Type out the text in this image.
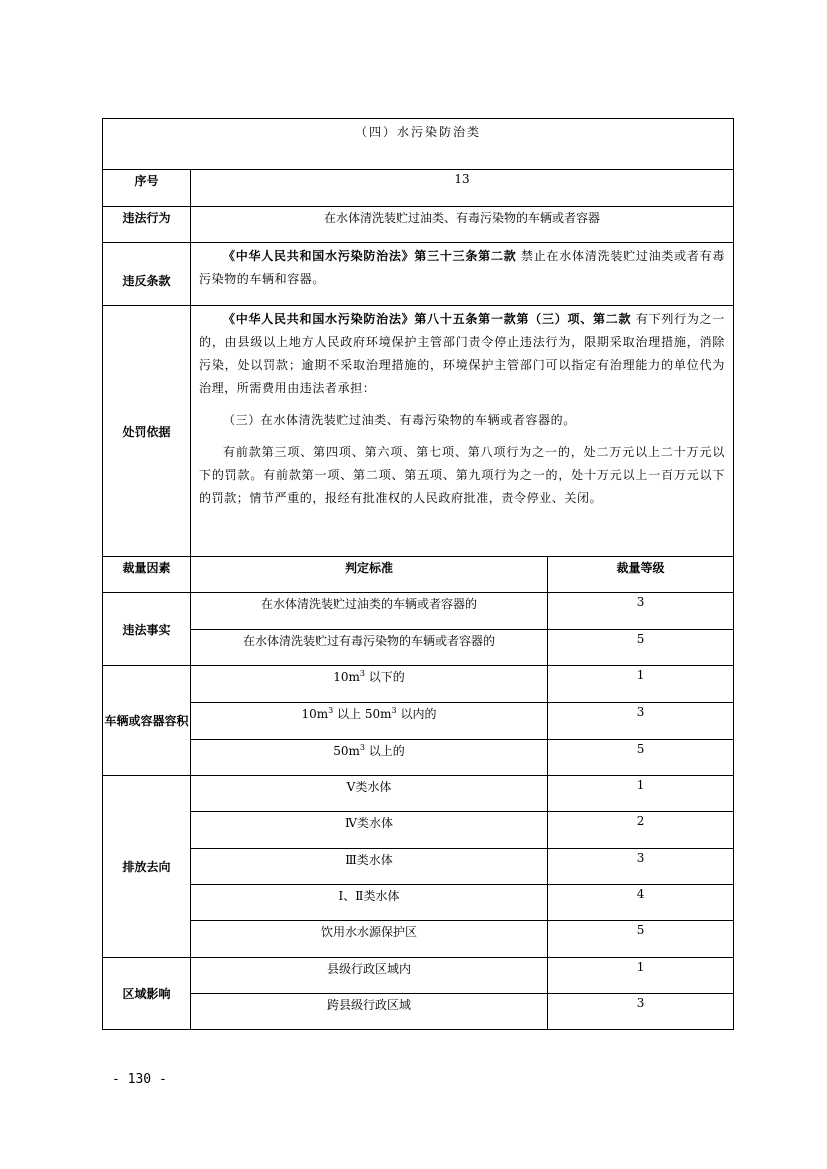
（四）水污染防治类		
序号	13	
违法行为	在水体清洗装贮过油类、有毒污染物的车辆或者容器	
违反条款	《中华人民共和国水污染防治法》第三十三条第二款 禁止在水体清洗装贮过油类或者有毒污染物的车辆和容器。	

处罚依据	《中华人民共和国水污染防治法》第八十五条第一款第（三）项、第二款 有下列行为之一的，由县级以上地方人民政府环境保护主管部门责令停止违法行为，限期采取治理措施，消除污染，处以罚款；逾期不采取治理措施的，环境保护主管部门可以指定有治理能力的单位代为治理，所需费用由违法者承担：

（三）在水体清洗装贮过油类、有毒污染物的车辆或者容器的。

有前款第三项、第四项、第六项、第七项、第八项行为之一的，处二万元以上二十万元以下的罚款。有前款第一项、第二项、第五项、第九项行为之一的，处十万元以上一百万元以下的罚款；情节严重的，报经有批准权的人民政府批准，责令停业、关闭。	

裁量因素	判定标准	裁量等级
违法事实	在水体清洗装贮过油类的车辆或者容器的	3
	在水体清洗装贮过有毒污染物的车辆或者容器的	5
车辆或容器容积	$10m^3$ 以下的	1
	$10m^3$ 以上 $50m^3$ 以内的	3
	$50m^3$ 以上的	5
排放去向	Ⅴ类水体	1
	Ⅳ类水体	2
	Ⅲ类水体	3
	Ⅰ、Ⅱ类水体	4
	饮用水水源保护区	5
区域影响	县级行政区域内	1
	跨县级行政区域	3
- 130 -
